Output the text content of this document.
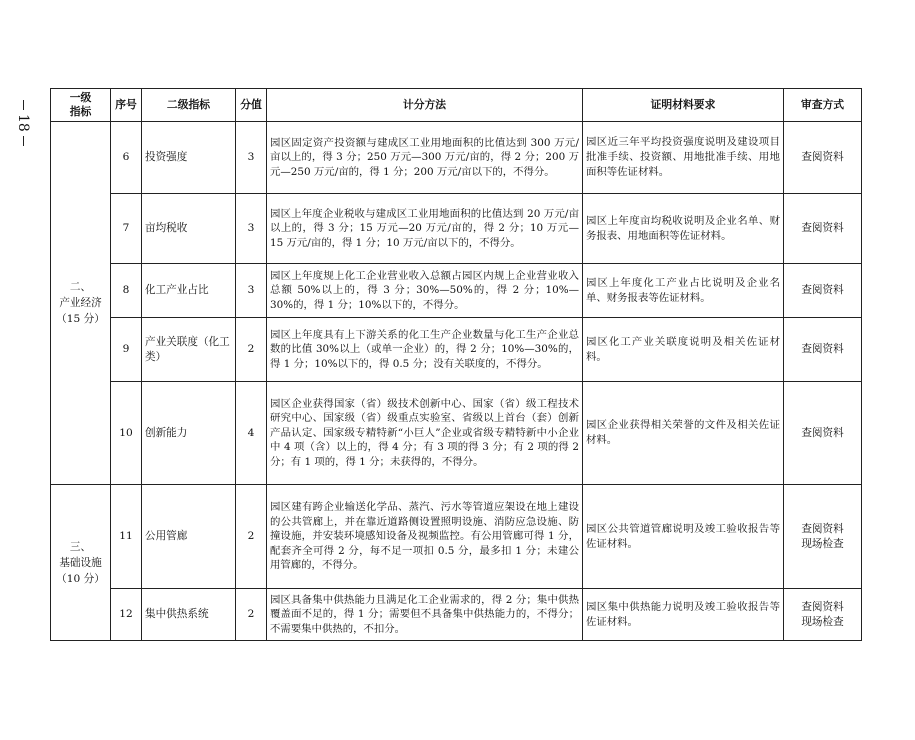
18
一级
指标	序号	二级指标	分值	计分方法	证明材料要求	审查方式
二、
产业经济
（15 分）	6	投资强度	3	园区固定资产投资额与建成区工业用地面积的比值达到 300 万元/亩以上的，得 3 分；250 万元—300 万元/亩的，得 2 分；200 万元—250 万元/亩的，得 1 分；200 万元/亩以下的，不得分。	园区近三年平均投资强度说明及建设项目批准手续、投资额、用地批准手续、用地面积等佐证材料。	查阅资料
	7	亩均税收	3	园区上年度企业税收与建成区工业用地面积的比值达到 20 万元/亩以上的，得 3 分；15 万元—20 万元/亩的，得 2 分；10 万元—15 万元/亩的，得 1 分；10 万元/亩以下的，不得分。	园区上年度亩均税收说明及企业名单、财务报表、用地面积等佐证材料。	查阅资料
	8	化工产业占比	3	园区上年度规上化工企业营业收入总额占园区内规上企业营业收入总额 50%以上的，得 3 分；30%—50%的，得 2 分；10%—30%的，得 1 分；10%以下的，不得分。	园区上年度化工产业占比说明及企业名单、财务报表等佐证材料。	查阅资料
	9	产业关联度（化工类）	2	园区上年度具有上下游关系的化工生产企业数量与化工生产企业总数的比值 30%以上（或单一企业）的，得 2 分；10%—30%的，得 1 分；10%以下的，得 0.5 分；没有关联度的，不得分。	园区化工产业关联度说明及相关佐证材料。	查阅资料
	10	创新能力	4	园区企业获得国家（省）级技术创新中心、国家（省）级工程技术研究中心、国家级（省）级重点实验室、省级以上首台（套）创新产品认定、国家级专精特新“小巨人”企业或省级专精特新中小企业中 4 项（含）以上的，得 4 分；有 3 项的得 3 分；有 2 项的得 2 分；有 1 项的，得 1 分；未获得的，不得分。	园区企业获得相关荣誉的文件及相关佐证材料。	查阅资料
三、
基础设施
（10 分）	11	公用管廊	2	园区建有跨企业输送化学品、蒸汽、污水等管道应架设在地上建设的公共管廊上，并在靠近道路侧设置照明设施、消防应急设施、防撞设施，并安装环境感知设备及视频监控。有公用管廊可得 1 分，配套齐全可得 2 分，每不足一项扣 0.5 分，最多扣 1 分；未建公用管廊的，不得分。	园区公共管道管廊说明及竣工验收报告等佐证材料。	查阅资料
现场检查
	12	集中供热系统	2	园区具备集中供热能力且满足化工企业需求的，得 2 分；集中供热覆盖面不足的，得 1 分；需要但不具备集中供热能力的，不得分；不需要集中供热的，不扣分。	园区集中供热能力说明及竣工验收报告等佐证材料。	查阅资料
现场检查
